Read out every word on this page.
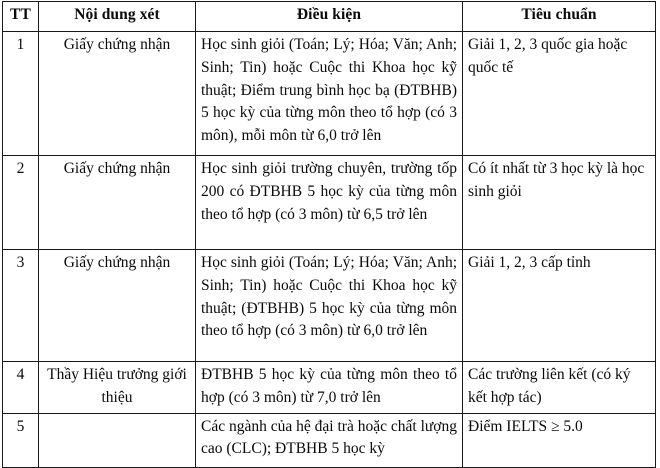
TT	Nội dung xét	Điều kiện	Tiêu chuẩn
1	Giấy chứng nhận	Học sinh giỏi (Toán; Lý; Hóa; Văn; Anh; Sinh; Tin) hoặc Cuộc thi Khoa học kỹ thuật; Điểm trung bình học bạ (ĐTBHB) 5 học kỳ của từng môn theo tổ hợp (có 3 môn), mỗi môn từ 6,0 trở lên	Giải 1, 2, 3 quốc gia hoặc quốc tế
2	Giấy chứng nhận	Học sinh giỏi trường chuyên, trường tốp 200 có ĐTBHB 5 học kỳ của từng môn theo tổ hợp (có 3 môn) từ 6,5 trở lên	Có ít nhất từ 3 học kỳ là học sinh giỏi
3	Giấy chứng nhận	Học sinh giỏi (Toán; Lý; Hóa; Văn; Anh; Sinh; Tin) hoặc Cuộc thi Khoa học kỹ thuật; (ĐTBHB) 5 học kỳ của từng môn theo tổ hợp (có 3 môn) từ 6,0 trở lên	Giải 1, 2, 3 cấp tỉnh
4	Thầy Hiệu trưởng giới thiệu	ĐTBHB 5 học kỳ của từng môn theo tổ hợp (có 3 môn) từ 7,0 trở lên	Các trường liên kết (có ký kết hợp tác)
5		Các ngành của hệ đại trà hoặc chất lượng cao (CLC); ĐTBHB 5 học kỳ	Điểm IELTS ≥ 5.0
